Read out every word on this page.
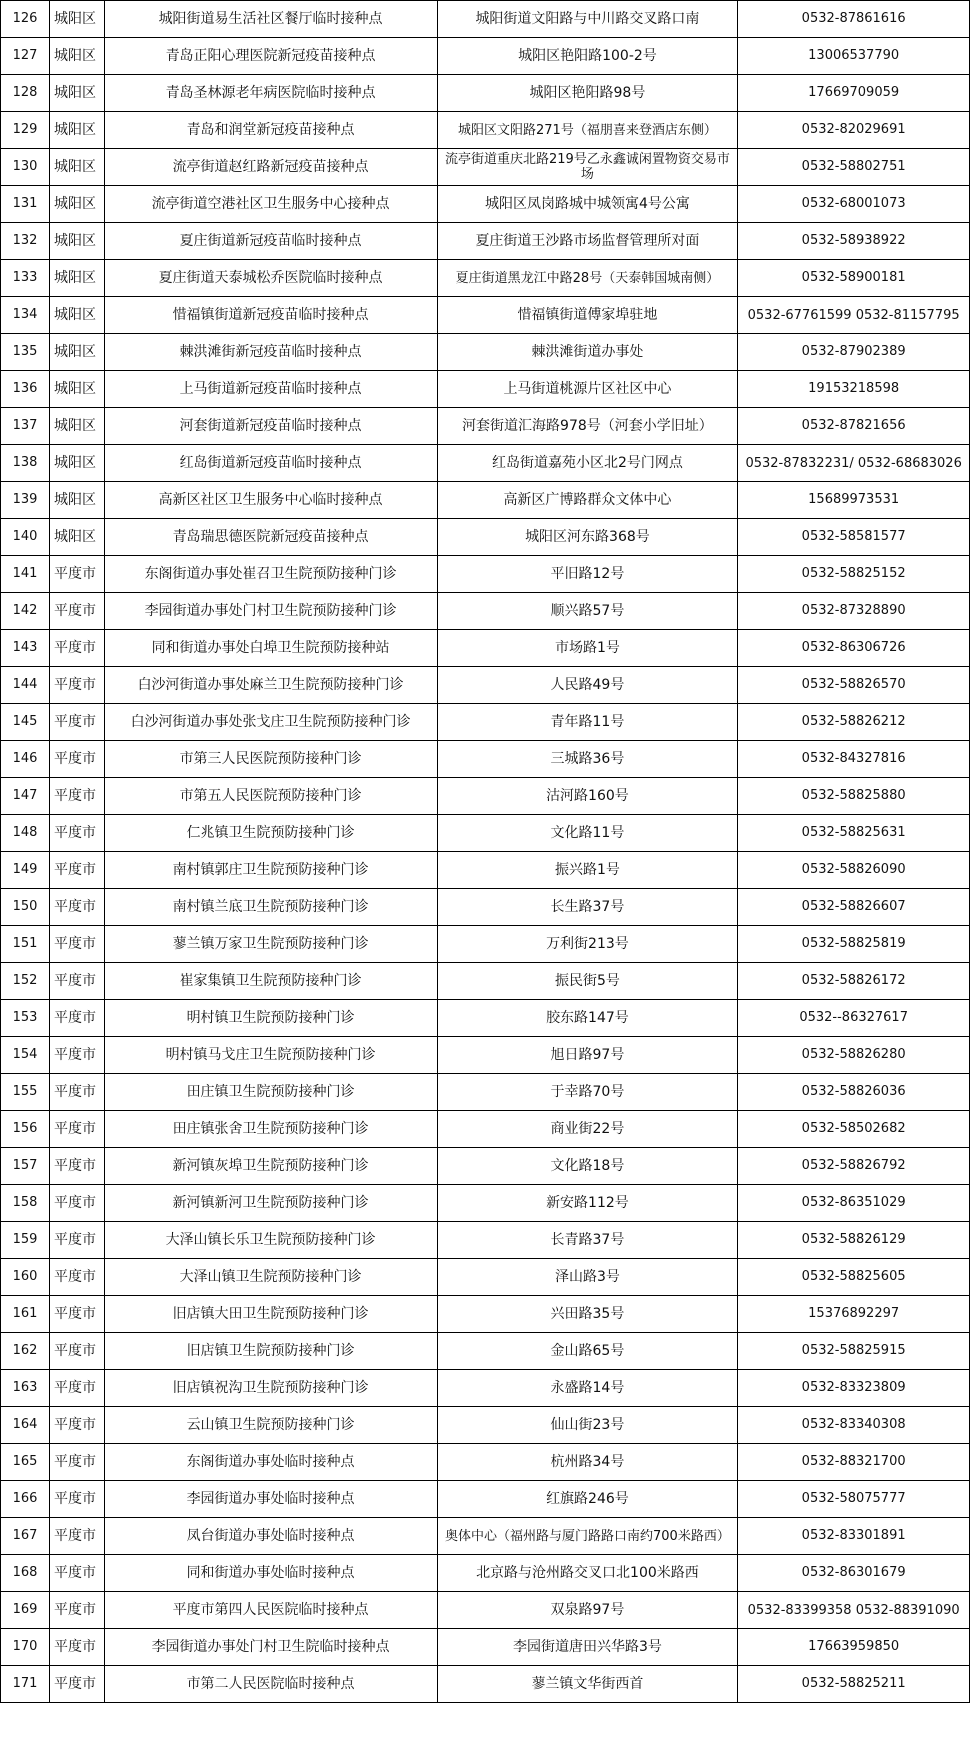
126	城阳区	城阳街道易生活社区餐厅临时接种点	城阳街道文阳路与中川路交叉路口南	0532-87861616
127	城阳区	青岛正阳心理医院新冠疫苗接种点	城阳区艳阳路100-2号	13006537790
128	城阳区	青岛圣林源老年病医院临时接种点	城阳区艳阳路98号	17669709059
129	城阳区	青岛和润堂新冠疫苗接种点	城阳区文阳路271号（福朋喜来登酒店东侧）	0532-82029691
130	城阳区	流亭街道赵红路新冠疫苗接种点	流亭街道重庆北路219号乙永鑫诚闲置物资交易市场	0532-58802751
131	城阳区	流亭街道空港社区卫生服务中心接种点	城阳区凤岗路城中城领寓4号公寓	0532-68001073
132	城阳区	夏庄街道新冠疫苗临时接种点	夏庄街道王沙路市场监督管理所对面	0532-58938922
133	城阳区	夏庄街道天泰城松乔医院临时接种点	夏庄街道黑龙江中路28号（天泰韩国城南侧）	0532-58900181
134	城阳区	惜福镇街道新冠疫苗临时接种点	惜福镇街道傅家埠驻地	0532-67761599 0532-81157795
135	城阳区	棘洪滩街新冠疫苗临时接种点	棘洪滩街道办事处	0532-87902389
136	城阳区	上马街道新冠疫苗临时接种点	上马街道桃源片区社区中心	19153218598
137	城阳区	河套街道新冠疫苗临时接种点	河套街道汇海路978号（河套小学旧址）	0532-87821656
138	城阳区	红岛街道新冠疫苗临时接种点	红岛街道嘉苑小区北2号门网点	0532-87832231/ 0532-68683026
139	城阳区	高新区社区卫生服务中心临时接种点	高新区广博路群众文体中心	15689973531
140	城阳区	青岛瑞思德医院新冠疫苗接种点	城阳区河东路368号	0532-58581577
141	平度市	东阁街道办事处崔召卫生院预防接种门诊	平旧路12号	0532-58825152
142	平度市	李园街道办事处门村卫生院预防接种门诊	顺兴路57号	0532-87328890
143	平度市	同和街道办事处白埠卫生院预防接种站	市场路1号	0532-86306726
144	平度市	白沙河街道办事处麻兰卫生院预防接种门诊	人民路49号	0532-58826570
145	平度市	白沙河街道办事处张戈庄卫生院预防接种门诊	青年路11号	0532-58826212
146	平度市	市第三人民医院预防接种门诊	三城路36号	0532-84327816
147	平度市	市第五人民医院预防接种门诊	沽河路160号	0532-58825880
148	平度市	仁兆镇卫生院预防接种门诊	文化路11号	0532-58825631
149	平度市	南村镇郭庄卫生院预防接种门诊	振兴路1号	0532-58826090
150	平度市	南村镇兰底卫生院预防接种门诊	长生路37号	0532-58826607
151	平度市	蓼兰镇万家卫生院预防接种门诊	万利街213号	0532-58825819
152	平度市	崔家集镇卫生院预防接种门诊	振民街5号	0532-58826172
153	平度市	明村镇卫生院预防接种门诊	胶东路147号	0532--86327617
154	平度市	明村镇马戈庄卫生院预防接种门诊	旭日路97号	0532-58826280
155	平度市	田庄镇卫生院预防接种门诊	于幸路70号	0532-58826036
156	平度市	田庄镇张舍卫生院预防接种门诊	商业街22号	0532-58502682
157	平度市	新河镇灰埠卫生院预防接种门诊	文化路18号	0532-58826792
158	平度市	新河镇新河卫生院预防接种门诊	新安路112号	0532-86351029
159	平度市	大泽山镇长乐卫生院预防接种门诊	长青路37号	0532-58826129
160	平度市	大泽山镇卫生院预防接种门诊	泽山路3号	0532-58825605
161	平度市	旧店镇大田卫生院预防接种门诊	兴田路35号	15376892297
162	平度市	旧店镇卫生院预防接种门诊	金山路65号	0532-58825915
163	平度市	旧店镇祝沟卫生院预防接种门诊	永盛路14号	0532-83323809
164	平度市	云山镇卫生院预防接种门诊	仙山街23号	0532-83340308
165	平度市	东阁街道办事处临时接种点	杭州路34号	0532-88321700
166	平度市	李园街道办事处临时接种点	红旗路246号	0532-58075777
167	平度市	凤台街道办事处临时接种点	奥体中心（福州路与厦门路路口南约700米路西）	0532-83301891
168	平度市	同和街道办事处临时接种点	北京路与沧州路交叉口北100米路西	0532-86301679
169	平度市	平度市第四人民医院临时接种点	双泉路97号	0532-83399358 0532-88391090
170	平度市	李园街道办事处门村卫生院临时接种点	李园街道唐田兴华路3号	17663959850
171	平度市	市第二人民医院临时接种点	蓼兰镇文华街西首	0532-58825211
